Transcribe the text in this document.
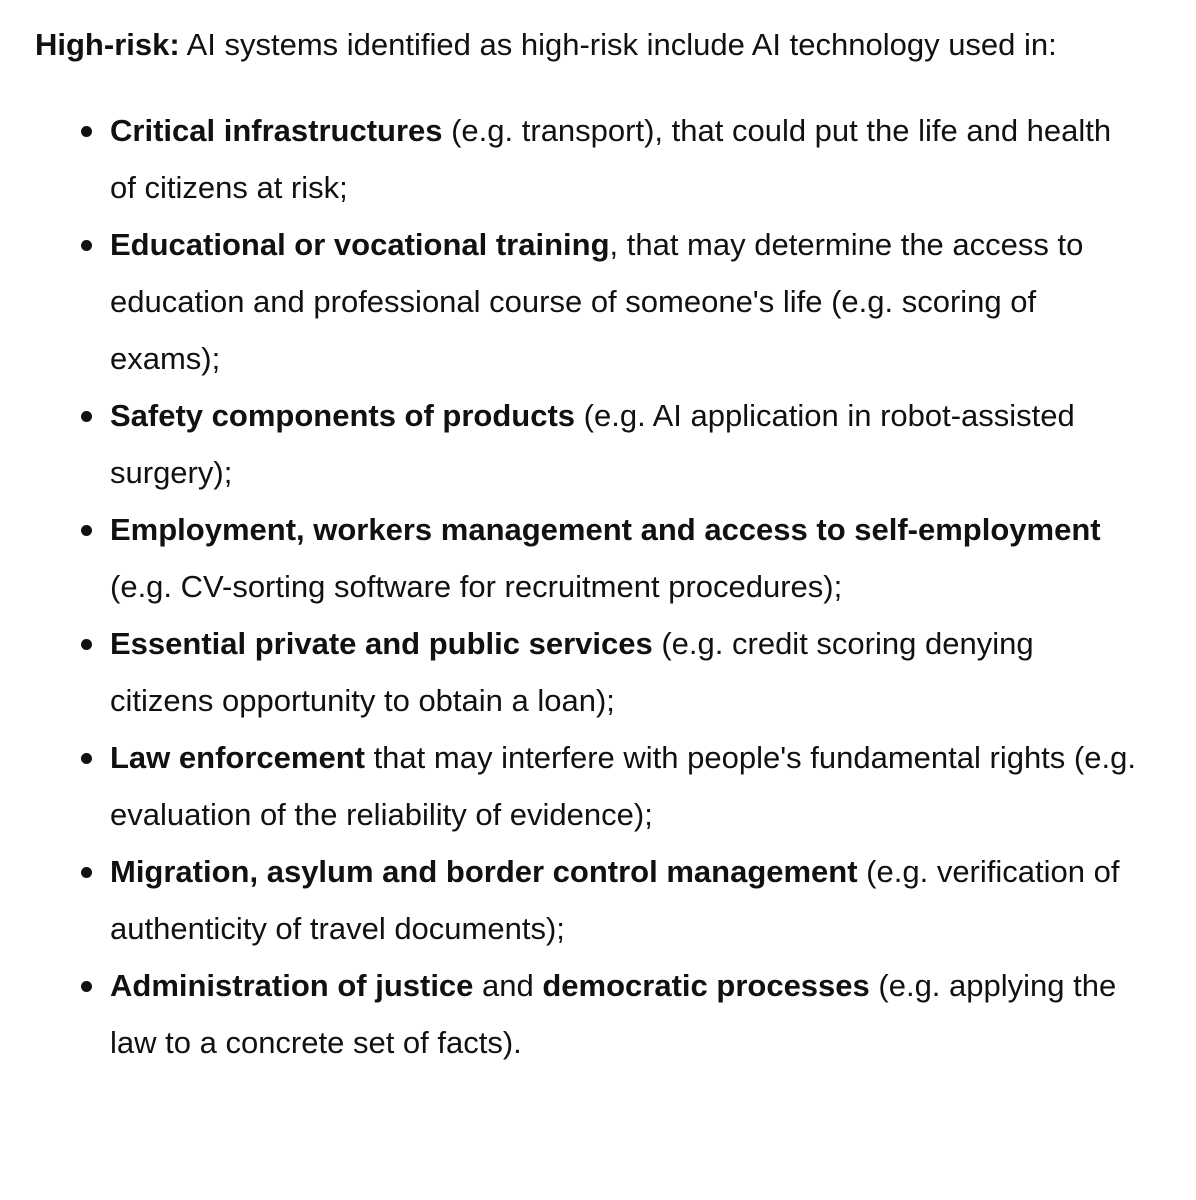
High-risk: AI systems identified as high-risk include AI technology used in:

Critical infrastructures (e.g. transport), that could put the life and health of citizens at risk;
Educational or vocational training, that may determine the access to education and professional course of someone's life (e.g. scoring of exams);
Safety components of products (e.g. AI application in robot-assisted surgery);
Employment, workers management and access to self-employment (e.g. CV-sorting software for recruitment procedures);
Essential private and public services (e.g. credit scoring denying citizens opportunity to obtain a loan);
Law enforcement that may interfere with people's fundamental rights (e.g. evaluation of the reliability of evidence);
Migration, asylum and border control management (e.g. verification of authenticity of travel documents);
Administration of justice and democratic processes (e.g. applying the law to a concrete set of facts).
